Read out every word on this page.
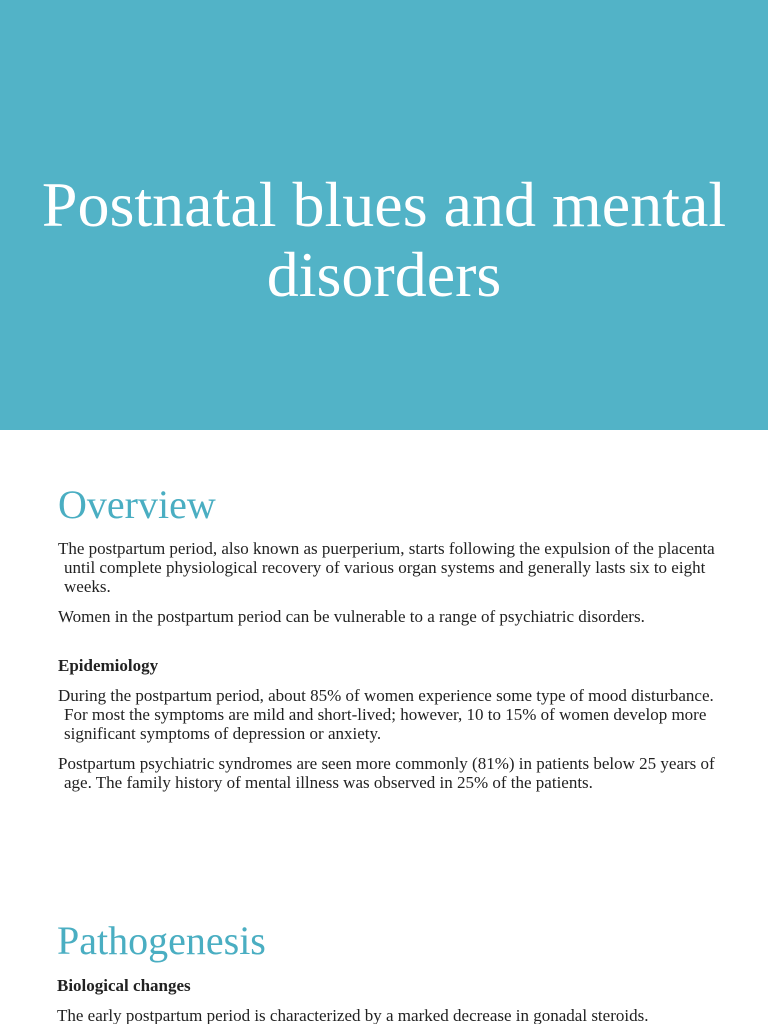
Postnatal blues and mental disorders
Overview

The postpartum period, also known as puerperium, starts following the expulsion of the placenta until complete physiological recovery of various organ systems and generally lasts six to eight weeks.

Women in the postpartum period can be vulnerable to a range of psychiatric disorders.

Epidemiology

During the postpartum period, about 85% of women experience some type of mood disturbance. For most the symptoms are mild and short-lived; however, 10 to 15% of women develop more significant symptoms of depression or anxiety.

Postpartum psychiatric syndromes are seen more commonly (81%) in patients below 25 years of age. The family history of mental illness was observed in 25% of the patients.

Pathogenesis

Biological changes

The early postpartum period is characterized by a marked decrease in gonadal steroids.
